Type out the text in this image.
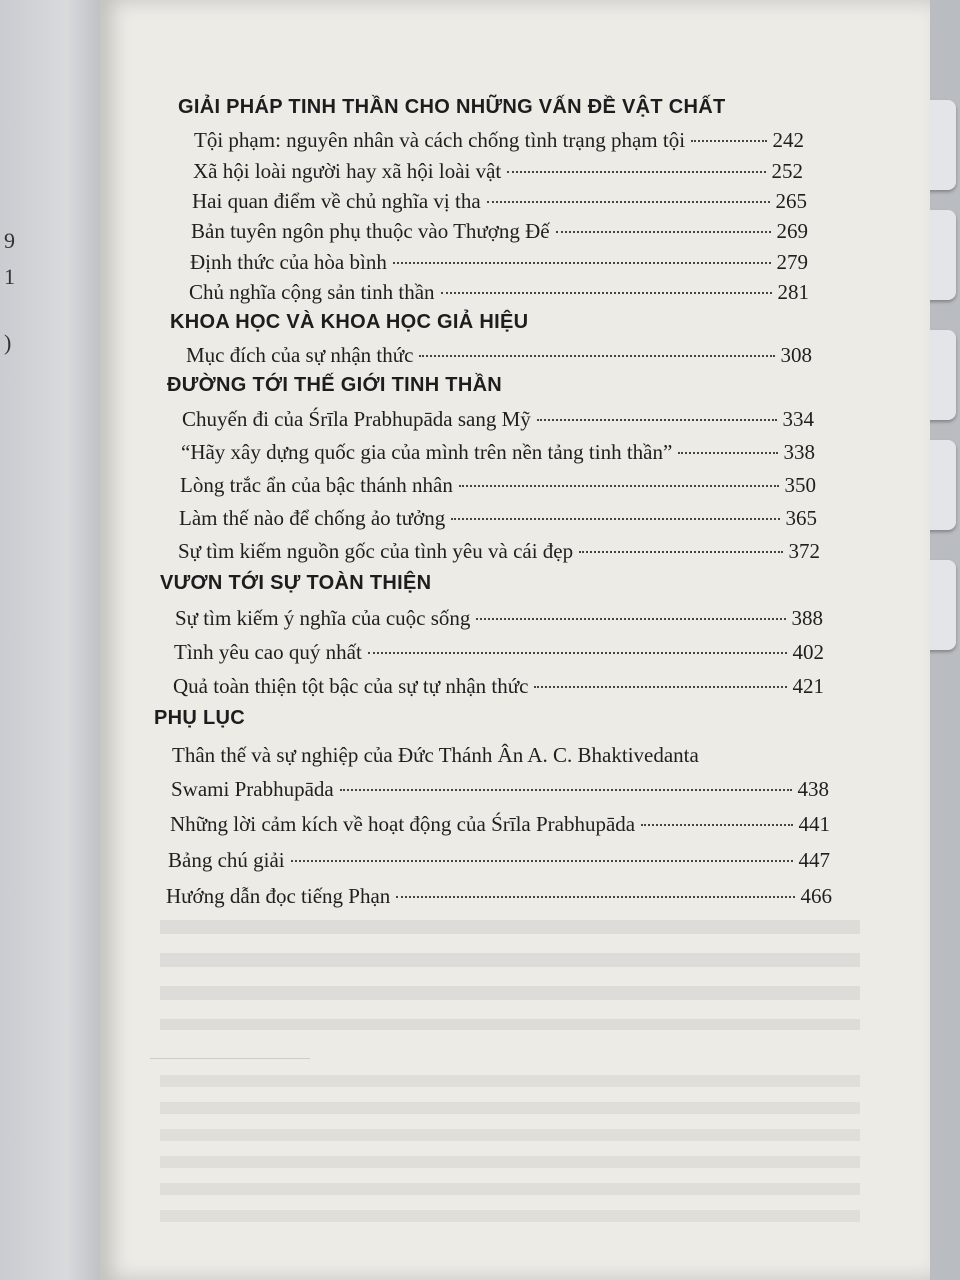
9
1
)
GIẢI PHÁP TINH THẦN CHO NHỮNG VẤN ĐỀ VẬT CHẤT
Tội phạm: nguyên nhân và cách chống tình trạng phạm tội	242
Xã hội loài người hay xã hội loài vật	252
Hai quan điểm về chủ nghĩa vị tha	265
Bản tuyên ngôn phụ thuộc vào Thượng Đế	269
Định thức của hòa bình	279
Chủ nghĩa cộng sản tinh thần	281
KHOA HỌC VÀ KHOA HỌC GIẢ HIỆU
Mục đích của sự nhận thức	308
ĐƯỜNG TỚI THẾ GIỚI TINH THẦN
Chuyến đi của Śrīla Prabhupāda sang Mỹ	334
“Hãy xây dựng quốc gia của mình trên nền tảng tinh thần”	338
Lòng trắc ẩn của bậc thánh nhân	350
Làm thế nào để chống ảo tưởng	365
Sự tìm kiếm nguồn gốc của tình yêu và cái đẹp	372
VƯƠN TỚI SỰ TOÀN THIỆN
Sự tìm kiếm ý nghĩa của cuộc sống	388
Tình yêu cao quý nhất	402
Quả toàn thiện tột bậc của sự tự nhận thức	421
PHỤ LỤC
Thân thế và sự nghiệp của Đức Thánh Ân A. C. Bhaktivedanta
Swami Prabhupāda	438
Những lời cảm kích về hoạt động của Śrīla Prabhupāda	441
Bảng chú giải	447
Hướng dẫn đọc tiếng Phạn	466
